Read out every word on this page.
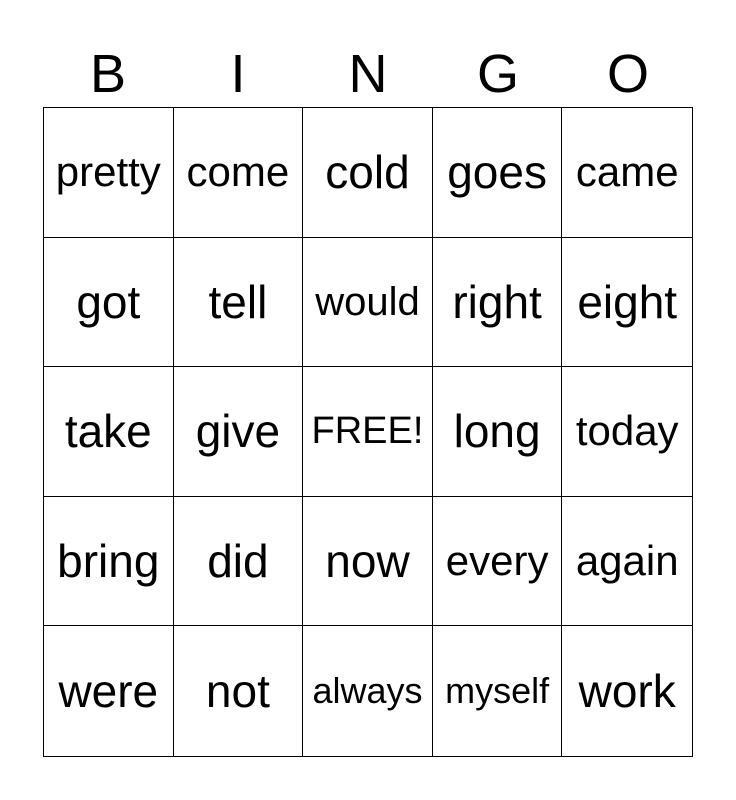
B	I	N	G	O
pretty come cold goes came
got	tell	would right eight
take give FREE! long today
bring	did	now every again
were	not	always myself work
